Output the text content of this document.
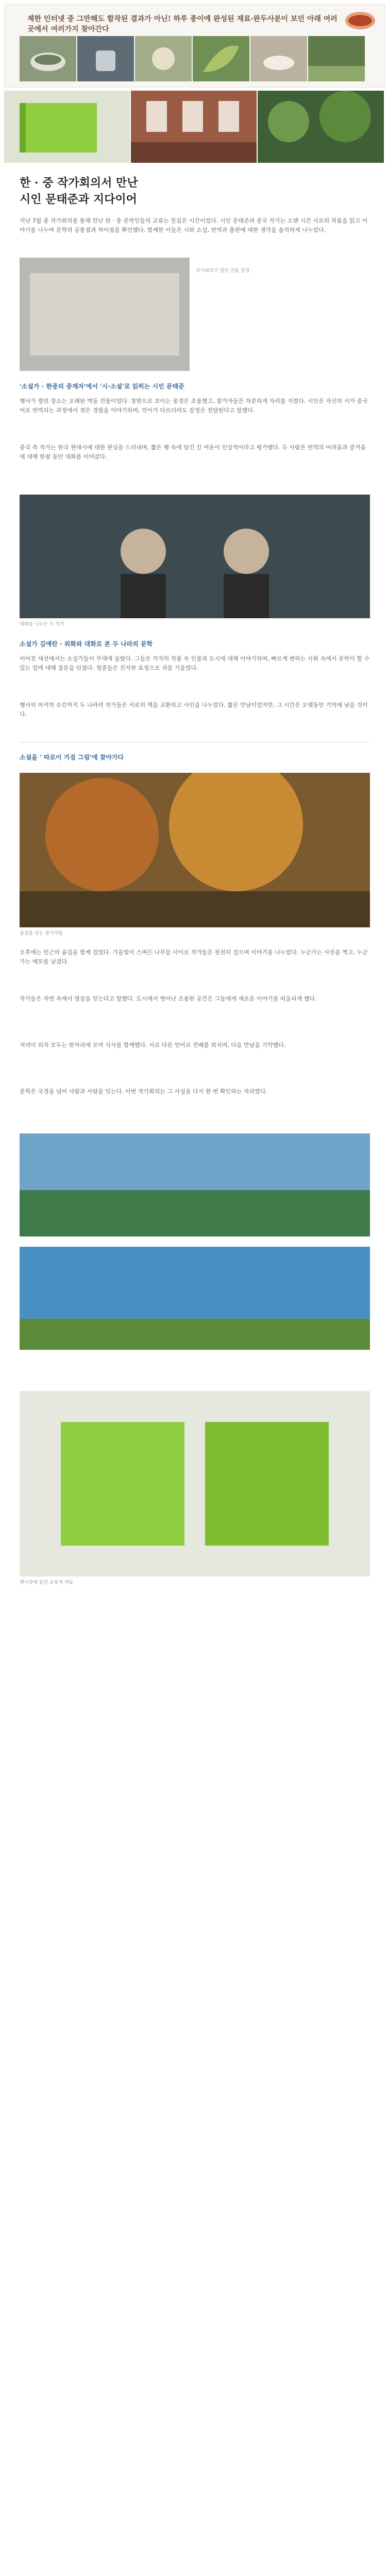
제한 인터넷 중 그만해도 합작된 결과가 아닌! 하루 종이에 완성된 재료·완두사분이 보던 아래 여러 곳에서 여러가지 찾아간다
한 · 중 작가회의서 만난
시인 문태준과 지다이어
지난 7월 중 작가회의를 통해 만난 한 · 중 문학인들의 교류는 뜻깊은 시간이었다. 시인 문태준과 중국 작가는 오랜 시간 서로의 작품을 읽고 이야기를 나누며 문학의 공통점과 차이점을 확인했다. 함께한 이들은 시와 소설, 번역과 출판에 대한 생각을 솔직하게 나누었다.
작가회의가 열린 건물 전경
'소설가 · 한중의 중재자'에서 '시·소설'로 읽히는 시인 문태준
행사가 열린 장소는 오래된 벽돌 건물이었다. 창밖으로 보이는 풍경은 조용했고, 참가자들은 차분하게 자리를 지켰다. 시인은 자신의 시가 중국어로 번역되는 과정에서 겪은 경험을 이야기하며, 언어가 다르더라도 감정은 전달된다고 말했다.
중국 측 작가는 한국 현대시에 대한 관심을 드러내며, 짧은 행 속에 담긴 긴 여운이 인상적이라고 평가했다. 두 사람은 번역의 어려움과 즐거움에 대해 한참 동안 대화를 이어갔다.
대화를 나누는 두 작가
소설가 김애란 · 위화와 대화로 본 두 나라의 문학
이어진 세션에서는 소설가들이 무대에 올랐다. 그들은 각자의 작품 속 인물과 도시에 대해 이야기하며, 빠르게 변하는 사회 속에서 문학이 할 수 있는 일에 대해 질문을 던졌다. 청중들은 진지한 표정으로 귀를 기울였다.
행사의 마지막 순간까지 두 나라의 작가들은 서로의 책을 교환하고 사인을 나누었다. 짧은 만남이었지만, 그 시간은 오랫동안 기억에 남을 것이다.
소설을 ' 따로이 가짐 그림'에 찾아가다
숲길을 걷는 참가자들
오후에는 인근의 숲길을 함께 걸었다. 가을빛이 스며든 나무들 사이로 작가들은 천천히 걸으며 이야기를 나누었다. 누군가는 사진을 찍고, 누군가는 메모를 남겼다.
작가들은 자연 속에서 영감을 얻는다고 말했다. 도시에서 벗어난 조용한 공간은 그들에게 새로운 이야기를 떠올리게 했다.
저녁이 되자 모두는 한자리에 모여 식사를 함께했다. 서로 다른 언어로 건배를 외치며, 다음 만남을 기약했다.
문학은 국경을 넘어 사람과 사람을 잇는다. 이번 작가회의는 그 사실을 다시 한 번 확인하는 자리였다.
행사장에 놓인 초록색 책들
